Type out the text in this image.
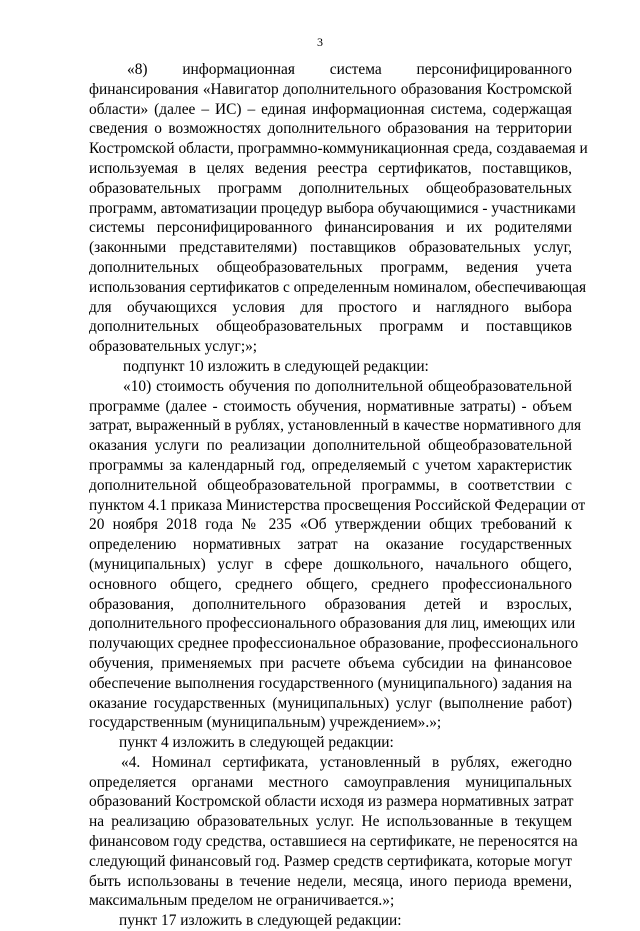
3
«8) информационная система персонифицированного
финансирования «Навигатор дополнительного образования Костромской
области» (далее – ИС) – единая информационная система, содержащая
сведения о возможностях дополнительного образования на территории
Костромской области, программно-коммуникационная среда, создаваемая и
используемая в целях ведения реестра сертификатов, поставщиков,
образовательных программ дополнительных общеобразовательных
программ, автоматизации процедур выбора обучающимися - участниками
системы персонифицированного финансирования и их родителями
(законными представителями) поставщиков образовательных услуг,
дополнительных общеобразовательных программ, ведения учета
использования сертификатов с определенным номиналом, обеспечивающая
для обучающихся условия для простого и наглядного выбора
дополнительных общеобразовательных программ и поставщиков
образовательных услуг;»;
подпункт 10 изложить в следующей редакции:
«10) стоимость обучения по дополнительной общеобразовательной
программе (далее - стоимость обучения, нормативные затраты) - объем
затрат, выраженный в рублях, установленный в качестве нормативного для
оказания услуги по реализации дополнительной общеобразовательной
программы за календарный год, определяемый с учетом характеристик
дополнительной общеобразовательной программы, в соответствии с
пунктом 4.1 приказа Министерства просвещения Российской Федерации от
20 ноября 2018 года № 235 «Об утверждении общих требований к
определению нормативных затрат на оказание государственных
(муниципальных) услуг в сфере дошкольного, начального общего,
основного общего, среднего общего, среднего профессионального
образования, дополнительного образования детей и взрослых,
дополнительного профессионального образования для лиц, имеющих или
получающих среднее профессиональное образование, профессионального
обучения, применяемых при расчете объема субсидии на финансовое
обеспечение выполнения государственного (муниципального) задания на
оказание государственных (муниципальных) услуг (выполнение работ)
государственным (муниципальным) учреждением».»;
пункт 4 изложить в следующей редакции:
«4. Номинал сертификата, установленный в рублях, ежегодно
определяется органами местного самоуправления муниципальных
образований Костромской области исходя из размера нормативных затрат
на реализацию образовательных услуг. Не использованные в текущем
финансовом году средства, оставшиеся на сертификате, не переносятся на
следующий финансовый год. Размер средств сертификата, которые могут
быть использованы в течение недели, месяца, иного периода времени,
максимальным пределом не ограничивается.»;
пункт 17 изложить в следующей редакции:
